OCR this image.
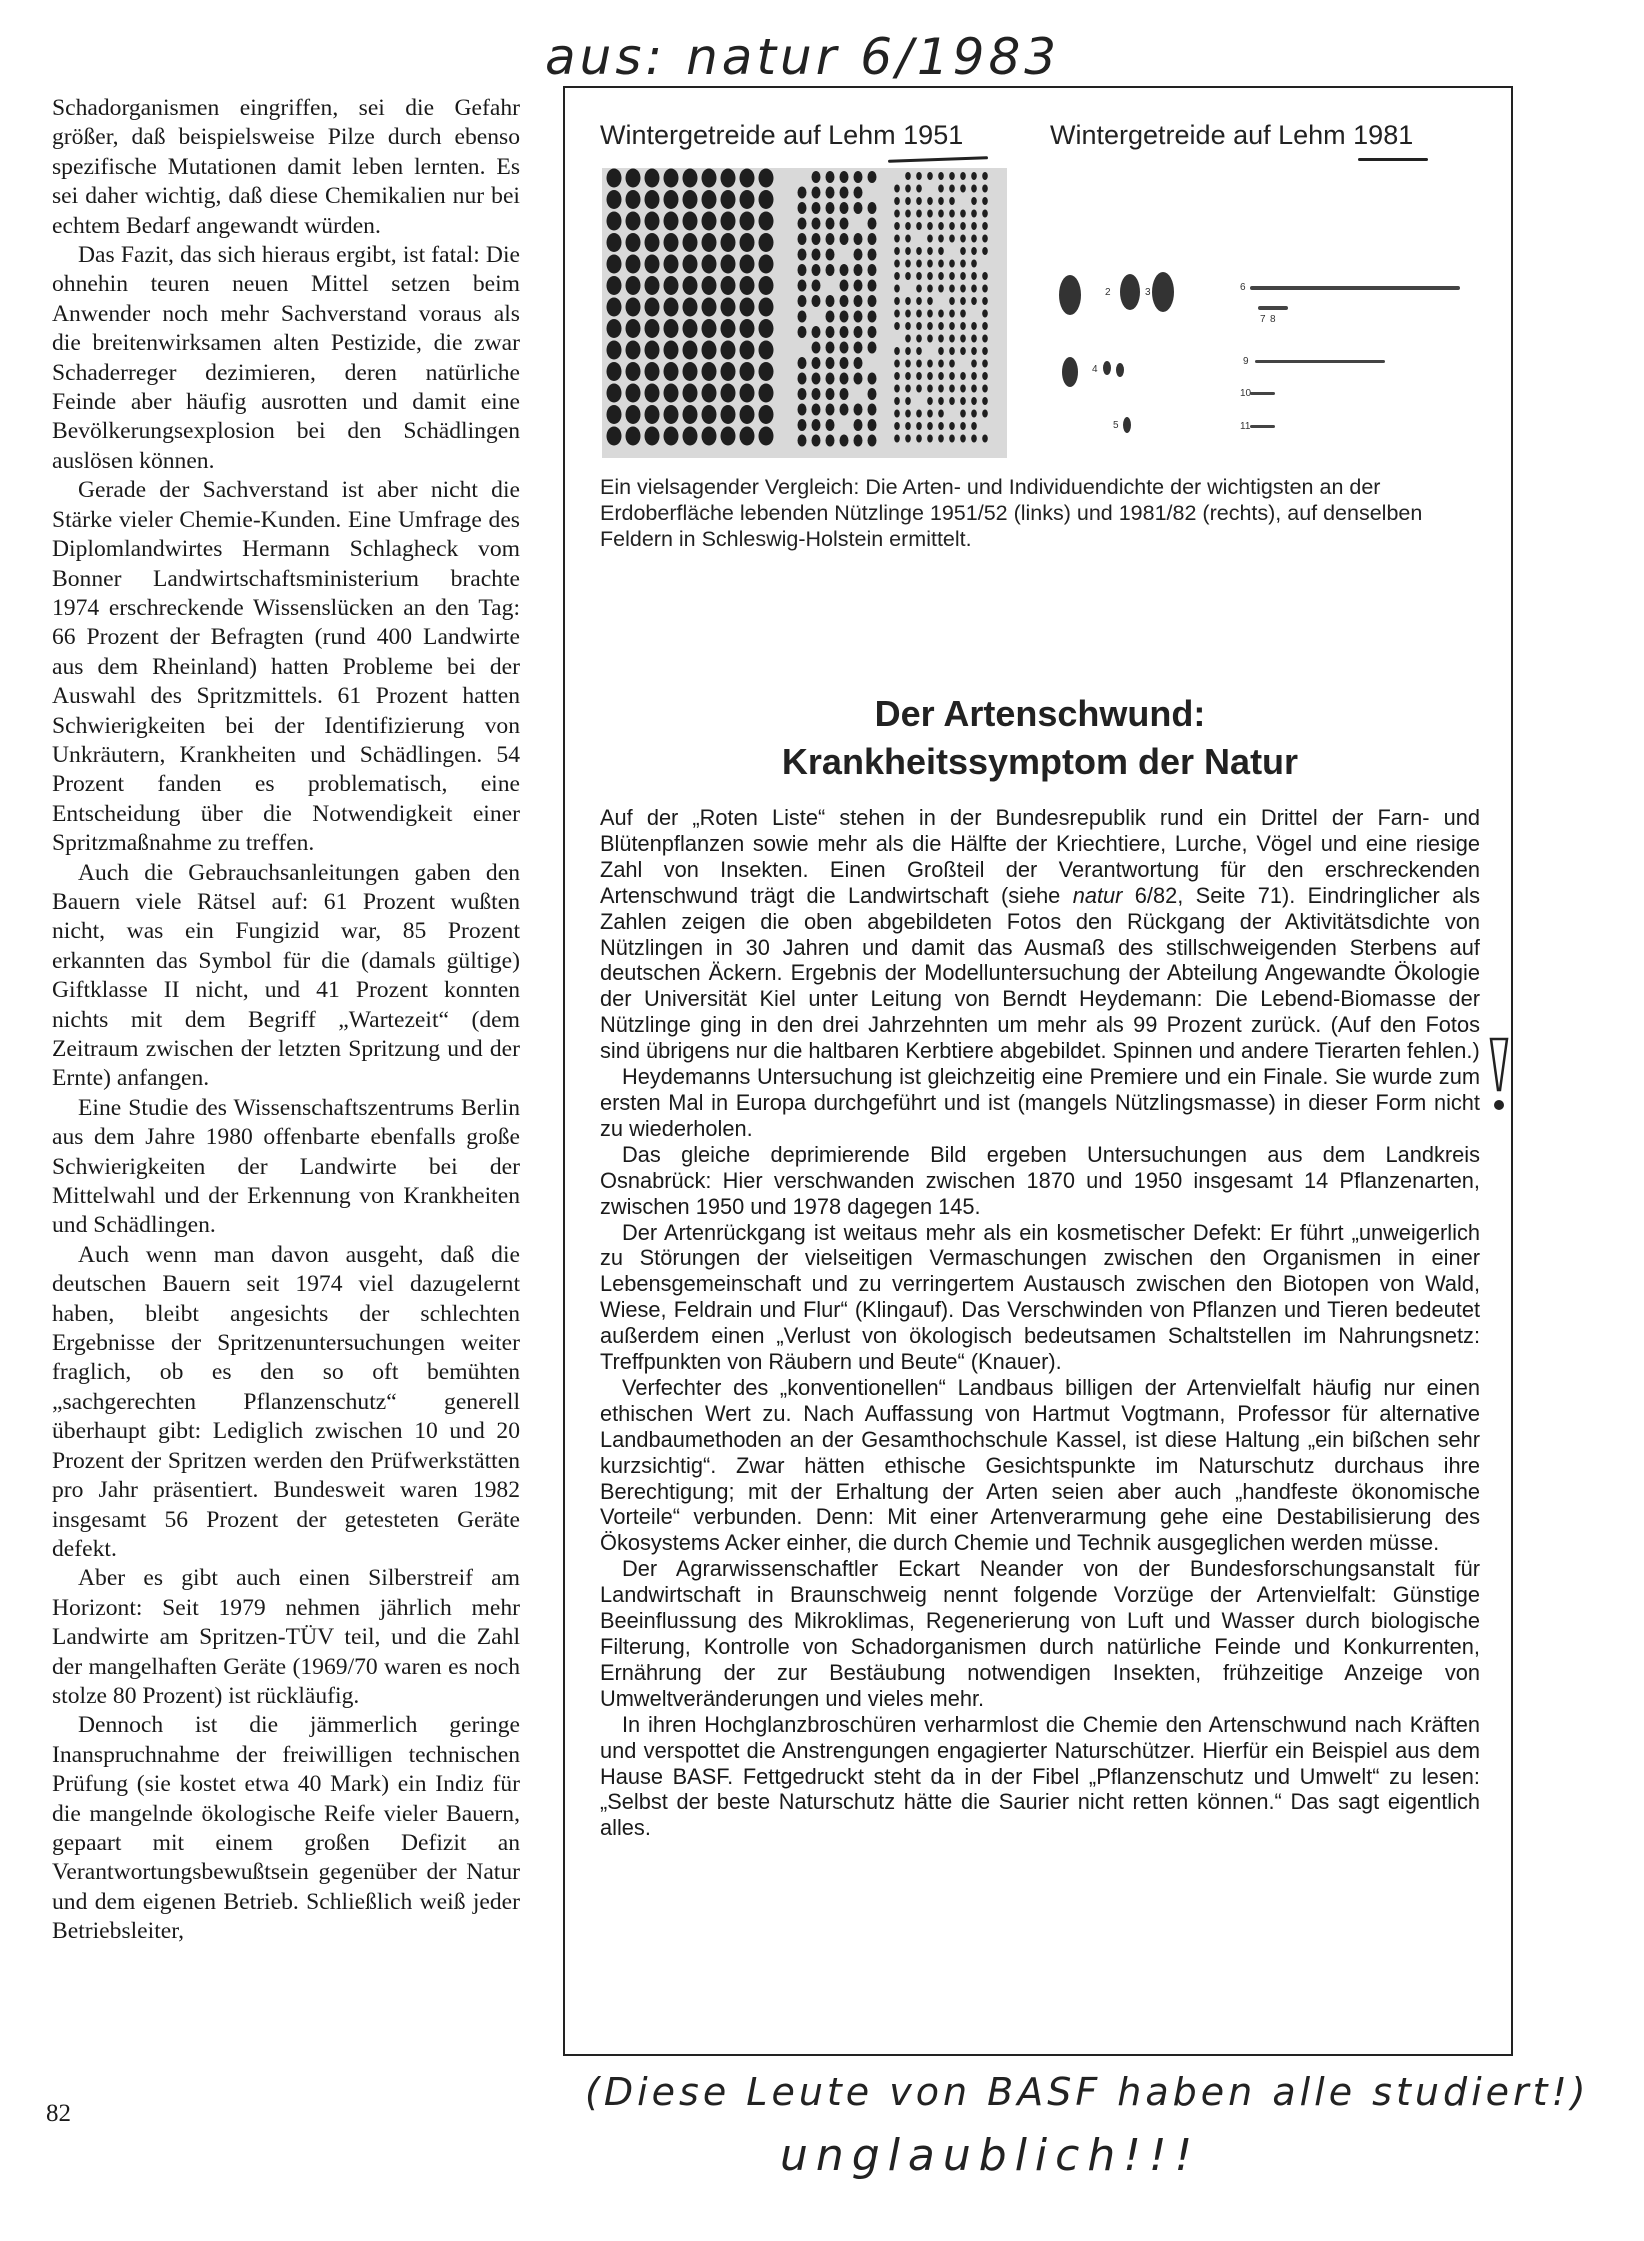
aus: natur 6/1983

Schadorganismen eingriffen, sei die Gefahr größer, daß beispielsweise Pilze durch ebenso spezifische Mutationen damit leben lernten. Es sei daher wichtig, daß diese Chemikalien nur bei echtem Bedarf angewandt würden.

Das Fazit, das sich hieraus ergibt, ist fatal: Die ohnehin teuren neuen Mittel setzen beim Anwender noch mehr Sachverstand voraus als die breitenwirksamen alten Pestizide, die zwar Schaderreger dezimieren, deren natürliche Feinde aber häufig ausrotten und damit eine Bevölkerungsexplosion bei den Schädlingen auslösen können.

Gerade der Sachverstand ist aber nicht die Stärke vieler Chemie-Kunden. Eine Umfrage des Diplomlandwirtes Hermann Schlagheck vom Bonner Landwirtschaftsministerium brachte 1974 erschreckende Wissenslücken an den Tag: 66 Prozent der Befragten (rund 400 Landwirte aus dem Rheinland) hatten Probleme bei der Auswahl des Spritzmittels. 61 Prozent hatten Schwierigkeiten bei der Identifizierung von Unkräutern, Krankheiten und Schädlingen. 54 Prozent fanden es problematisch, eine Entscheidung über die Notwendigkeit einer Spritzmaßnahme zu treffen.

Auch die Gebrauchsanleitungen gaben den Bauern viele Rätsel auf: 61 Prozent wußten nicht, was ein Fungizid war, 85 Prozent erkannten das Symbol für die (damals gültige) Giftklasse II nicht, und 41 Prozent konnten nichts mit dem Begriff „Wartezeit“ (dem Zeitraum zwischen der letzten Spritzung und der Ernte) anfangen.

Eine Studie des Wissenschaftszentrums Berlin aus dem Jahre 1980 offenbarte ebenfalls große Schwierigkeiten der Landwirte bei der Mittelwahl und der Erkennung von Krankheiten und Schädlingen.

Auch wenn man davon ausgeht, daß die deutschen Bauern seit 1974 viel dazugelernt haben, bleibt angesichts der schlechten Ergebnisse der Spritzenuntersuchungen weiter fraglich, ob es den so oft bemühten „sachgerechten Pflanzenschutz“ generell überhaupt gibt: Lediglich zwischen 10 und 20 Prozent der Spritzen werden den Prüfwerkstätten pro Jahr präsentiert. Bundesweit waren 1982 insgesamt 56 Prozent der getesteten Geräte defekt.

Aber es gibt auch einen Silberstreif am Horizont: Seit 1979 nehmen jährlich mehr Landwirte am Spritzen-TÜV teil, und die Zahl der mangelhaften Geräte (1969/70 waren es noch stolze 80 Prozent) ist rückläufig.

Dennoch ist die jämmerlich geringe Inanspruchnahme der freiwilligen technischen Prüfung (sie kostet etwa 40 Mark) ein Indiz für die mangelnde ökologische Reife vieler Bauern, gepaart mit einem großen Defizit an Verantwortungsbewußtsein gegenüber der Natur und dem eigenen Betrieb. Schließlich weiß jeder Betriebsleiter,

82
Wintergetreide auf Lehm 1951	Wintergetreide auf Lehm 1981
2	3
4
5
6
7 8
9
10
11
Ein vielsagender Vergleich: Die Arten- und Individuendichte der wichtigsten an der Erdoberfläche lebenden Nützlinge 1951/52 (links) und 1981/82 (rechts), auf denselben Feldern in Schleswig-Holstein ermittelt.
Der Artenschwund:
Krankheitssymptom der Natur

Auf der „Roten Liste“ stehen in der Bundesrepublik rund ein Drittel der Farn- und Blütenpflanzen sowie mehr als die Hälfte der Kriechtiere, Lurche, Vögel und eine riesige Zahl von Insekten. Einen Großteil der Verantwortung für den erschreckenden Artenschwund trägt die Landwirtschaft (siehe natur 6/82, Seite 71). Eindringlicher als Zahlen zeigen die oben abgebildeten Fotos den Rückgang der Aktivitätsdichte von Nützlingen in 30 Jahren und damit das Ausmaß des stillschweigenden Sterbens auf deutschen Äckern. Ergebnis der Modelluntersuchung der Abteilung Angewandte Ökologie der Universität Kiel unter Leitung von Berndt Heydemann: Die Lebend-Biomasse der Nützlinge ging in den drei Jahrzehnten um mehr als 99 Prozent zurück. (Auf den Fotos sind übrigens nur die haltbaren Kerbtiere abgebildet. Spinnen und andere Tierarten fehlen.)

Heydemanns Untersuchung ist gleichzeitig eine Premiere und ein Finale. Sie wurde zum ersten Mal in Europa durchgeführt und ist (mangels Nützlingsmasse) in dieser Form nicht zu wiederholen.

Das gleiche deprimierende Bild ergeben Untersuchungen aus dem Landkreis Osnabrück: Hier verschwanden zwischen 1870 und 1950 insgesamt 14 Pflanzenarten, zwischen 1950 und 1978 dagegen 145.

Der Artenrückgang ist weitaus mehr als ein kosmetischer Defekt: Er führt „unweigerlich zu Störungen der vielseitigen Vermaschungen zwischen den Organismen in einer Lebensgemeinschaft und zu verringertem Austausch zwischen den Biotopen von Wald, Wiese, Feldrain und Flur“ (Klingauf). Das Verschwinden von Pflanzen und Tieren bedeutet außerdem einen „Verlust von ökologisch bedeutsamen Schaltstellen im Nahrungsnetz: Treffpunkten von Räubern und Beute“ (Knauer).

Verfechter des „konventionellen“ Landbaus billigen der Artenvielfalt häufig nur einen ethischen Wert zu. Nach Auffassung von Hartmut Vogtmann, Professor für alternative Landbaumethoden an der Gesamthochschule Kassel, ist diese Haltung „ein bißchen sehr kurzsichtig“. Zwar hätten ethische Gesichtspunkte im Naturschutz durchaus ihre Berechtigung; mit der Erhaltung der Arten seien aber auch „handfeste ökonomische Vorteile“ verbunden. Denn: Mit einer Artenverarmung gehe eine Destabilisierung des Ökosystems Acker einher, die durch Chemie und Technik ausgeglichen werden müsse.

Der Agrarwissenschaftler Eckart Neander von der Bundesforschungsanstalt für Landwirtschaft in Braunschweig nennt folgende Vorzüge der Artenvielfalt: Günstige Beeinflussung des Mikroklimas, Regenerierung von Luft und Wasser durch biologische Filterung, Kontrolle von Schadorganismen durch natürliche Feinde und Konkurrenten, Ernährung der zur Bestäubung notwendigen Insekten, frühzeitige Anzeige von Umweltveränderungen und vieles mehr.

In ihren Hochglanzbroschüren verharmlost die Chemie den Artenschwund nach Kräften und verspottet die Anstrengungen engagierter Naturschützer. Hierfür ein Beispiel aus dem Hause BASF. Fettgedruckt steht da in der Fibel „Pflanzenschutz und Umwelt“ zu lesen: „Selbst der beste Naturschutz hätte die Saurier nicht retten können.“ Das sagt eigentlich alles.

(Diese Leute von BASF haben alle studiert!)
unglaublich!!!
